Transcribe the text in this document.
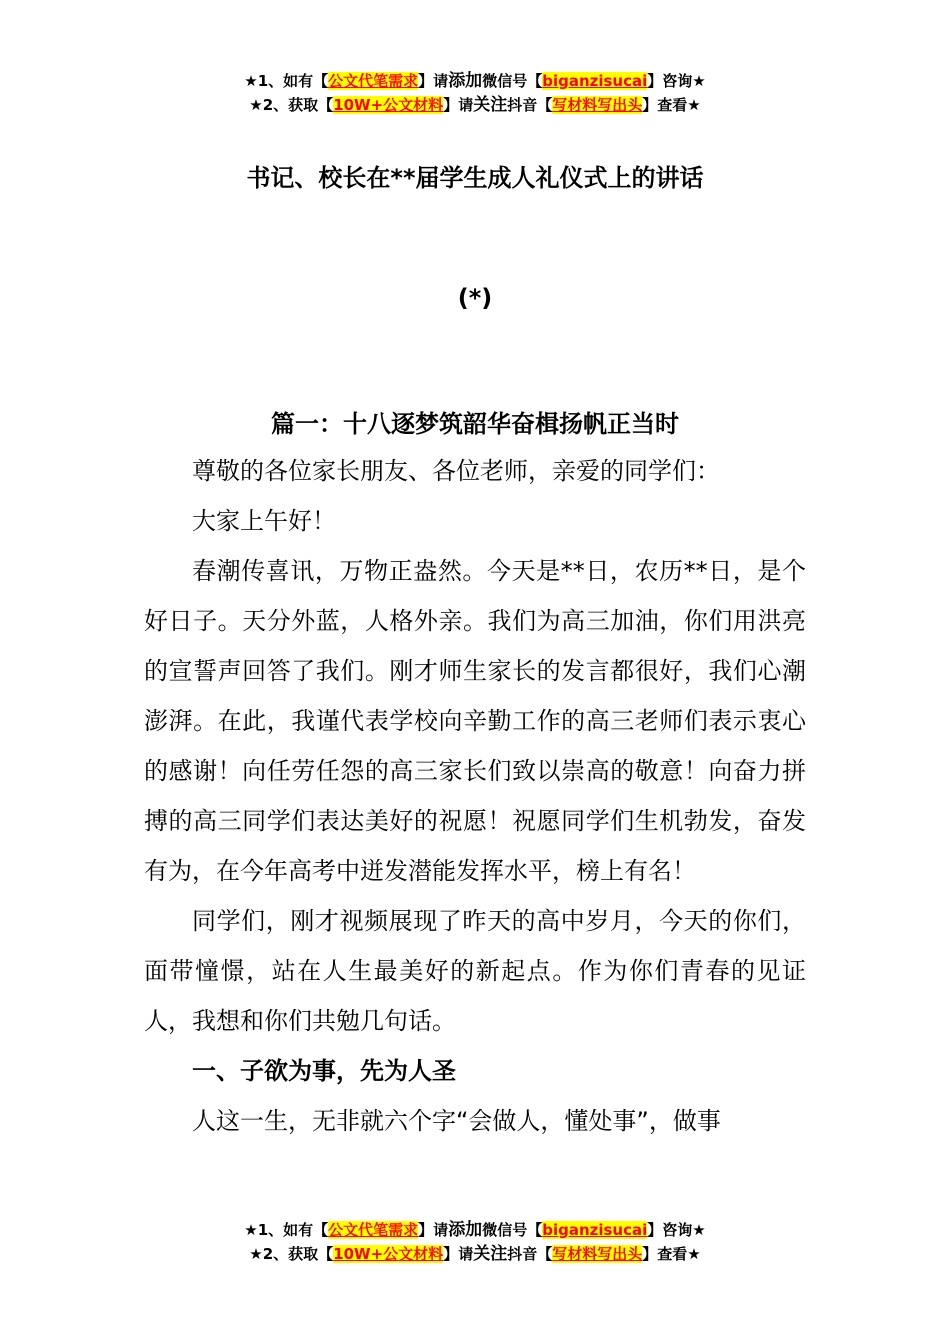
★1、如有【公文代笔需求】请添加微信号【biganzisucai】咨询★
★2、获取【10W+公文材料】请关注抖音【写材料写出头】查看★
书记、校长在**届学生成人礼仪式上的讲话
(*)
篇一：十八逐梦筑韶华奋楫扬帆正当时

尊敬的各位家长朋友、各位老师，亲爱的同学们：

大家上午好！

春潮传喜讯，万物正盎然。今天是**日，农历**日，是个好日子。天分外蓝，人格外亲。我们为高三加油，你们用洪亮的宣誓声回答了我们。刚才师生家长的发言都很好，我们心潮澎湃。在此，我谨代表学校向辛勤工作的高三老师们表示衷心的感谢！向任劳任怨的高三家长们致以崇高的敬意！向奋力拼搏的高三同学们表达美好的祝愿！祝愿同学们生机勃发，奋发有为，在今年高考中迸发潜能发挥水平，榜上有名！

同学们，刚才视频展现了昨天的高中岁月，今天的你们，面带憧憬，站在人生最美好的新起点。作为你们青春的见证人，我想和你们共勉几句话。

一、子欲为事，先为人圣

人这一生，无非就六个字“会做人，懂处事”，做事

★1、如有【公文代笔需求】请添加微信号【biganzisucai】咨询★
★2、获取【10W+公文材料】请关注抖音【写材料写出头】查看★
